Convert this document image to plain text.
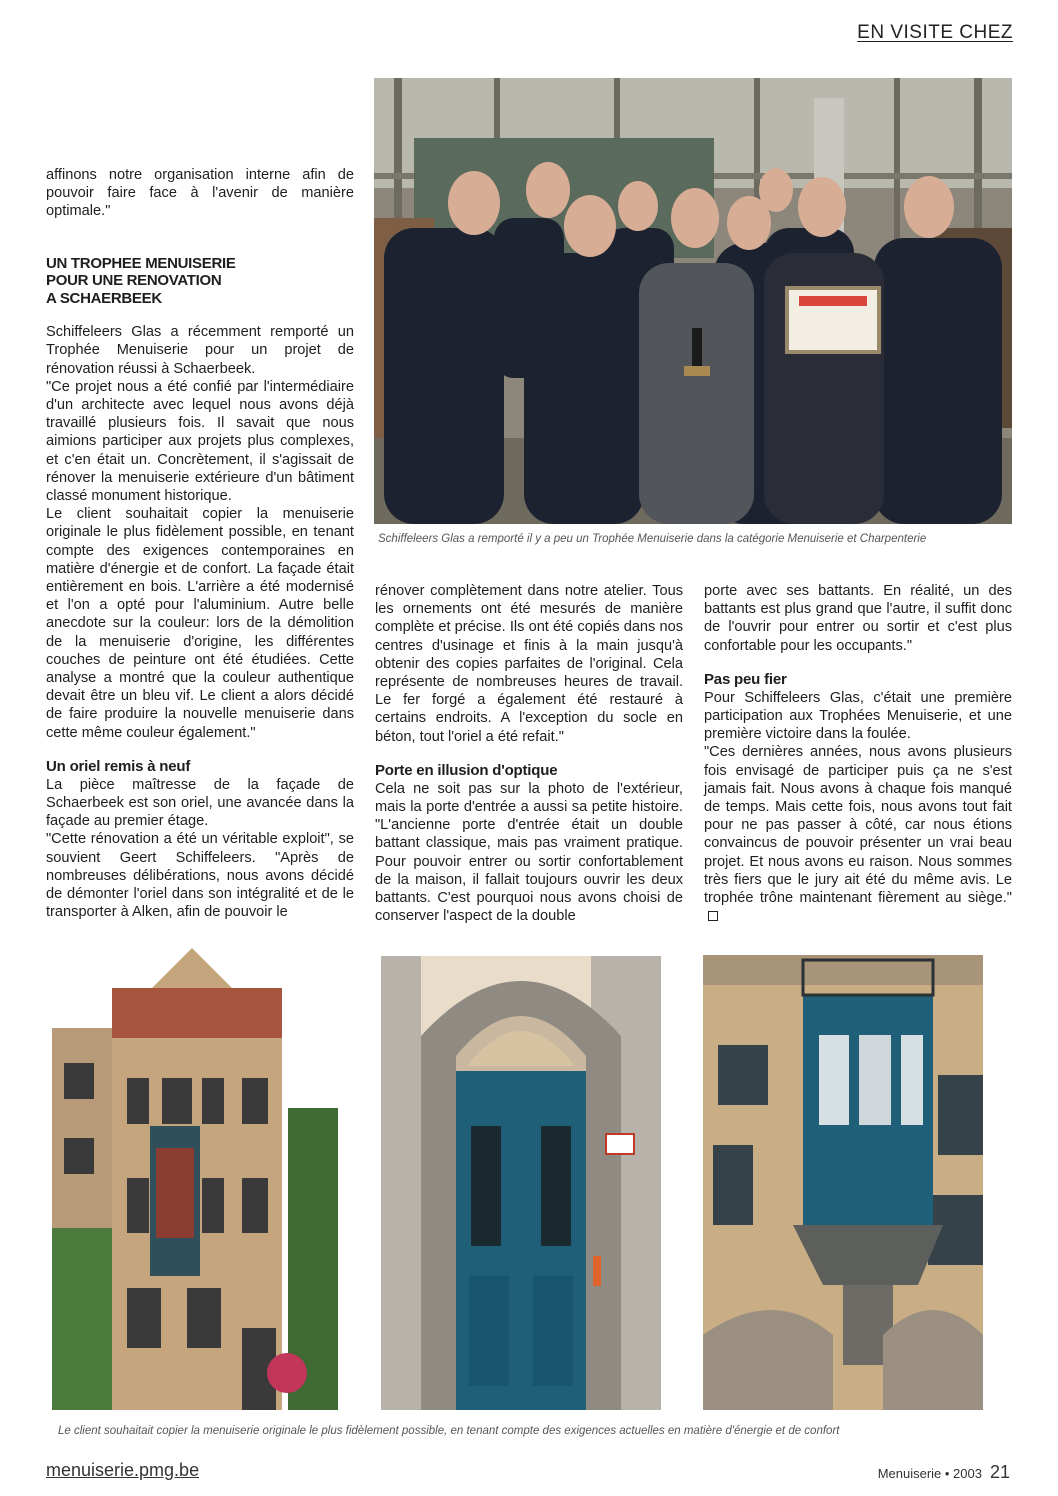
EN VISITE CHEZ
Schiffeleers Glas a remporté il y a peu un Trophée Menuiserie dans la catégorie Menuiserie et Charpenterie

affinons notre organisation interne afin de pouvoir faire face à l'avenir de manière optimale."

UN TROPHEE MENUISERIE
POUR UNE RENOVATION
A SCHAERBEEK

Schiffeleers Glas a récemment remporté un Trophée Menuiserie pour un projet de rénovation réussi à Schaerbeek.

"Ce projet nous a été confié par l'intermédiaire d'un architecte avec lequel nous avons déjà travaillé plusieurs fois. Il savait que nous aimions participer aux projets plus complexes, et c'en était un. Concrètement, il s'agissait de rénover la menuiserie extérieure d'un bâtiment classé monument historique.

Le client souhaitait copier la menuiserie originale le plus fidèlement possible, en tenant compte des exigences contemporaines en matière d'énergie et de confort. La façade était entièrement en bois. L'arrière a été modernisé et l'on a opté pour l'aluminium. Autre belle anecdote sur la couleur: lors de la démolition de la menuiserie d'origine, les différentes couches de peinture ont été étudiées. Cette analyse a montré que la couleur authentique devait être un bleu vif. Le client a alors décidé de faire produire la nouvelle menuiserie dans cette même couleur également."

Un oriel remis à neuf

La pièce maîtresse de la façade de Schaerbeek est son oriel, une avancée dans la façade au premier étage.

"Cette rénovation a été un véritable exploit", se souvient Geert Schiffeleers. "Après de nombreuses délibérations, nous avons décidé de démonter l'oriel dans son intégralité et de le transporter à Alken, afin de pouvoir le

rénover complètement dans notre atelier. Tous les ornements ont été mesurés de manière complète et précise. Ils ont été copiés dans nos centres d'usinage et finis à la main jusqu'à obtenir des copies parfaites de l'original. Cela représente de nombreuses heures de travail. Le fer forgé a également été restauré à certains endroits. A l'exception du socle en béton, tout l'oriel a été refait."

Porte en illusion d'optique

Cela ne soit pas sur la photo de l'extérieur, mais la porte d'entrée a aussi sa petite histoire. "L'ancienne porte d'entrée était un double battant classique, mais pas vraiment pratique. Pour pouvoir entrer ou sortir confortablement de la maison, il fallait toujours ouvrir les deux battants. C'est pourquoi nous avons choisi de conserver l'aspect de la double

porte avec ses battants. En réalité, un des battants est plus grand que l'autre, il suffit donc de l'ouvrir pour entrer ou sortir et c'est plus confortable pour les occupants."

Pas peu fier

Pour Schiffeleers Glas, c'était une première participation aux Trophées Menuiserie, et une première victoire dans la foulée.

"Ces dernières années, nous avons plusieurs fois envisagé de participer puis ça ne s'est jamais fait. Nous avons à chaque fois manqué de temps. Mais cette fois, nous avons tout fait pour ne pas passer à côté, car nous étions convaincus de pouvoir présenter un vrai beau projet. Et nous avons eu raison. Nous sommes très fiers que le jury ait été du même avis. Le trophée trône maintenant fièrement au siège."

Le client souhaitait copier la menuiserie originale le plus fidèlement possible, en tenant compte des exigences actuelles en matière d'énergie et de confort
menuiserie.pmg.be	Menuiserie • 2003 21
